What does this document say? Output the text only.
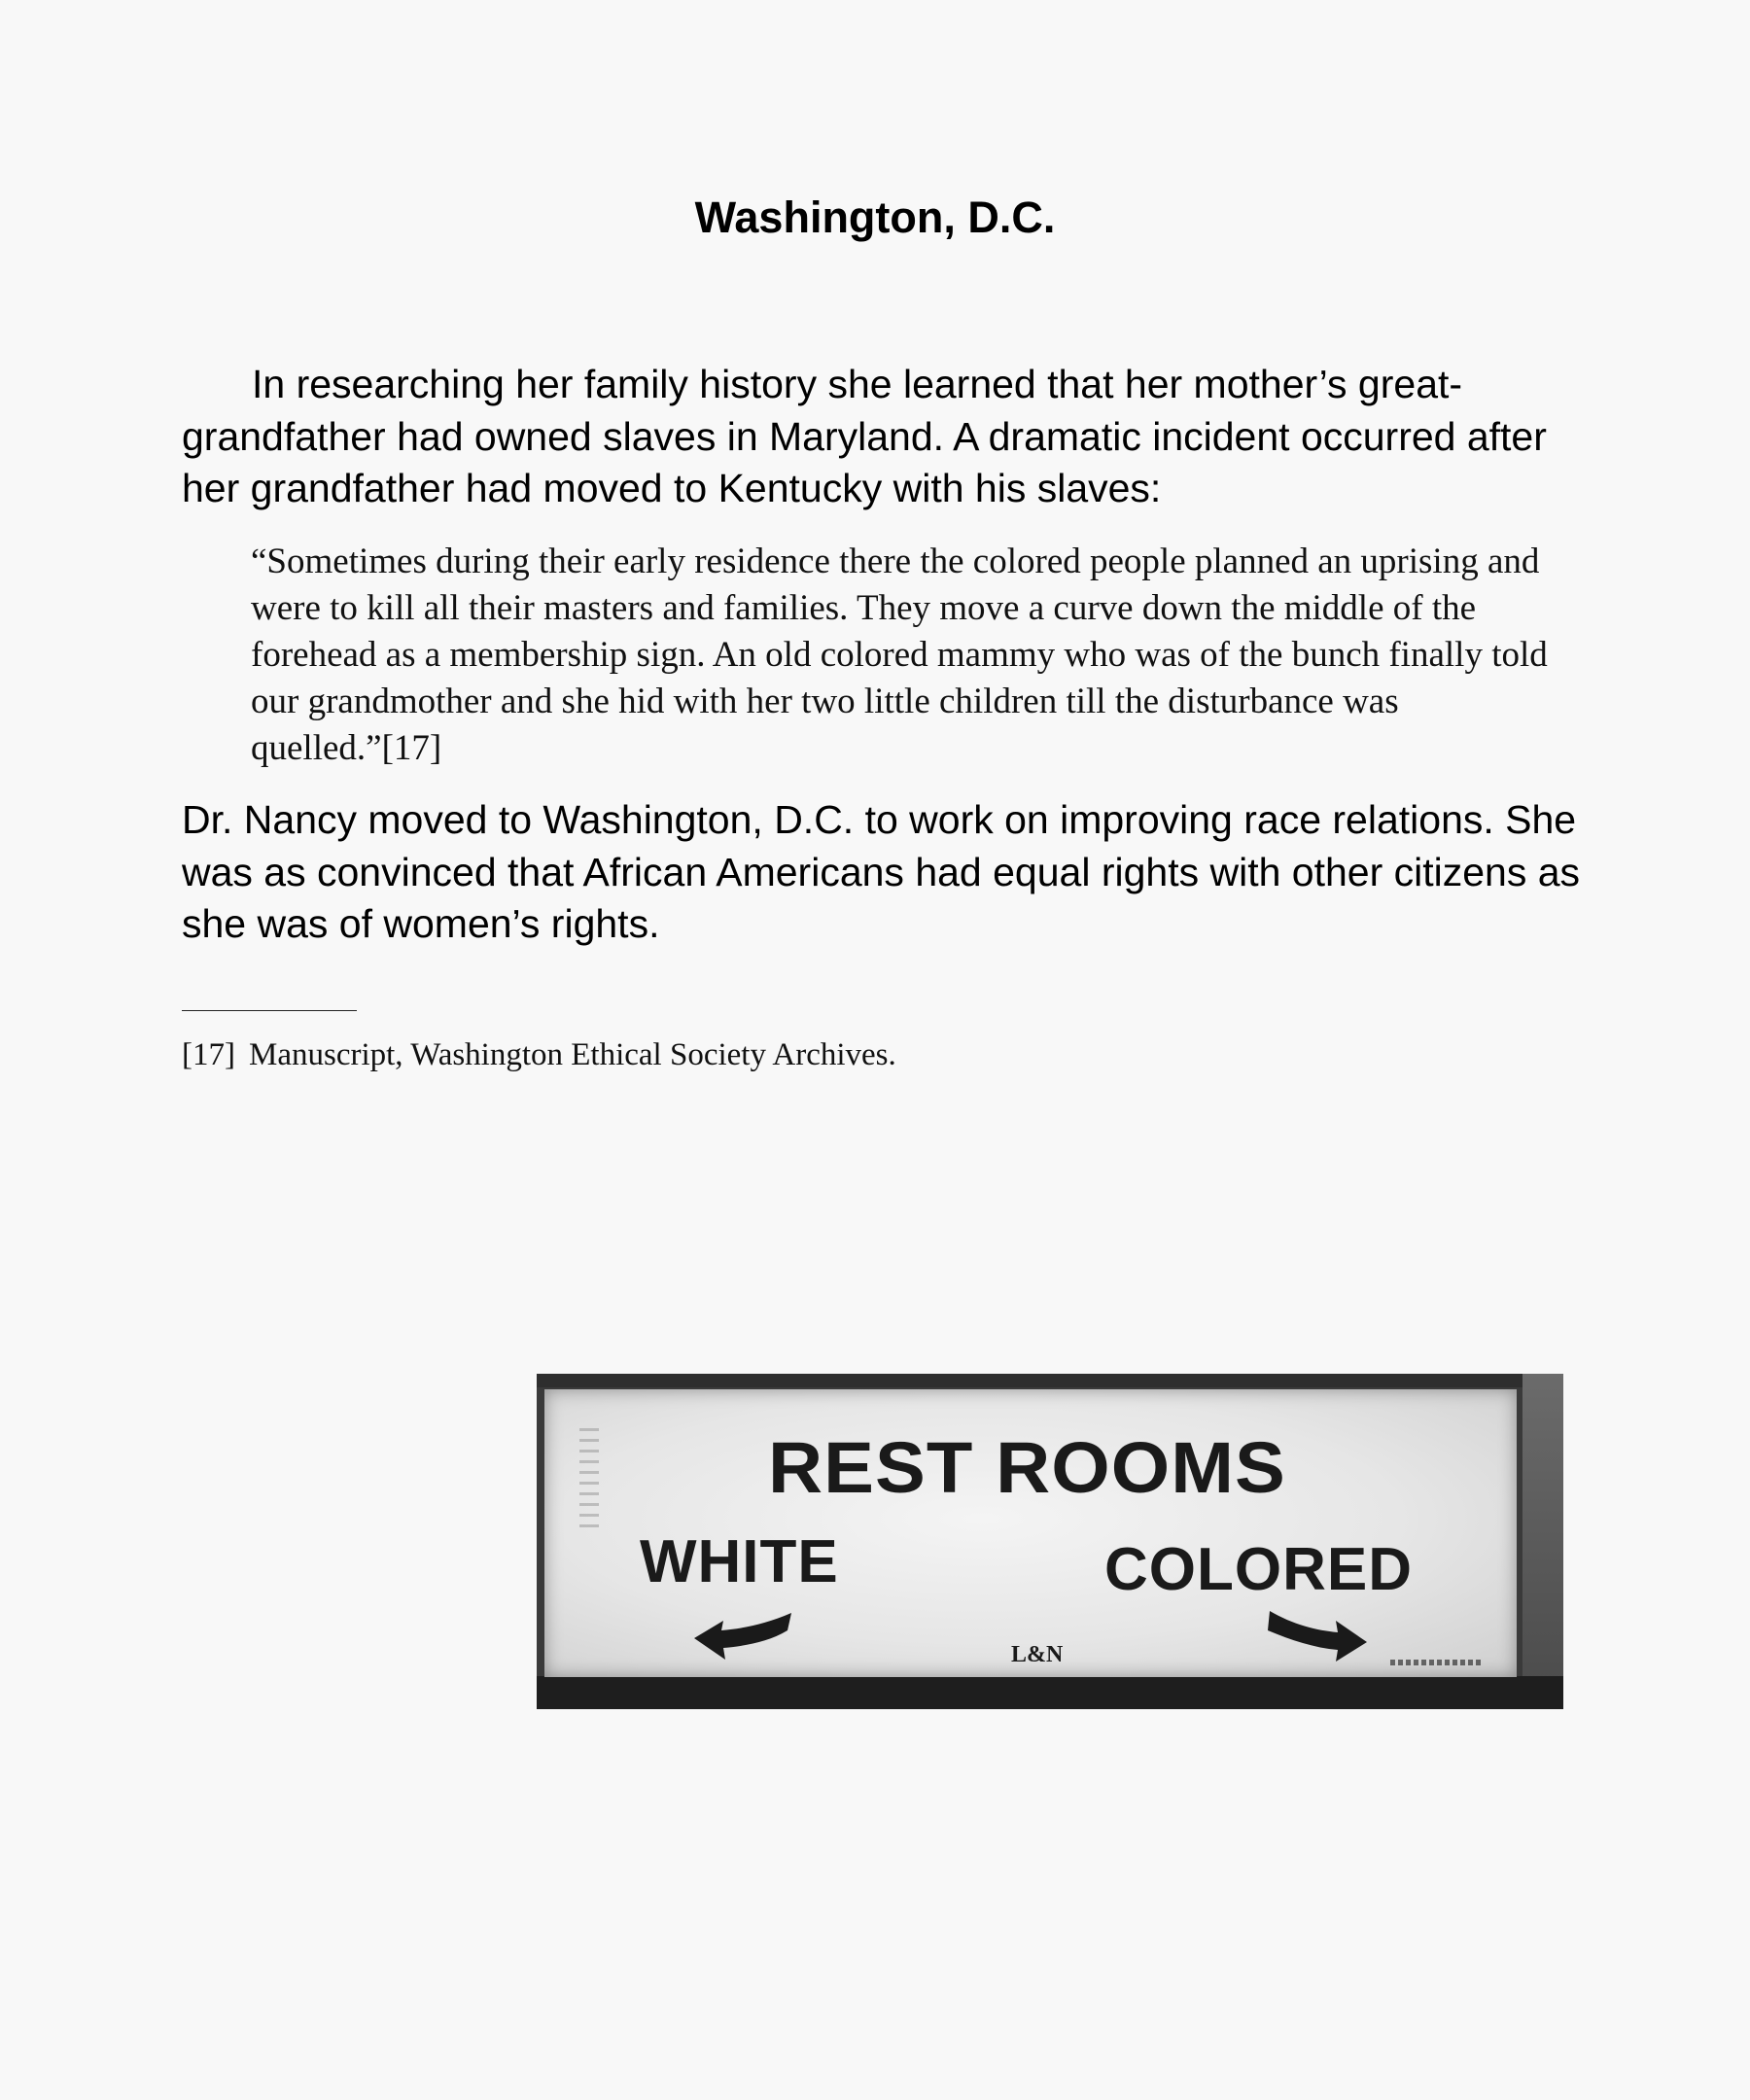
Washington, D.C.

In researching her family history she learned that her mother’s great-grandfather had owned slaves in Maryland. A dramatic incident occurred after her grandfather had moved to Kentucky with his slaves:

“Sometimes during their early residence there the colored people planned an uprising and were to kill all their masters and families. They move a curve down the middle of the forehead as a membership sign. An old colored mammy who was of the bunch finally told our grandmother and she hid with her two little children till the disturbance was quelled.”[17]

Dr. Nancy moved to Washington, D.C. to work on improving race relations. She was as convinced that African Americans had equal rights with other citizens as she was of women’s rights.

[17] Manuscript, Washington Ethical Society Archives.
REST ROOMS
WHITE	COLORED
L&N
